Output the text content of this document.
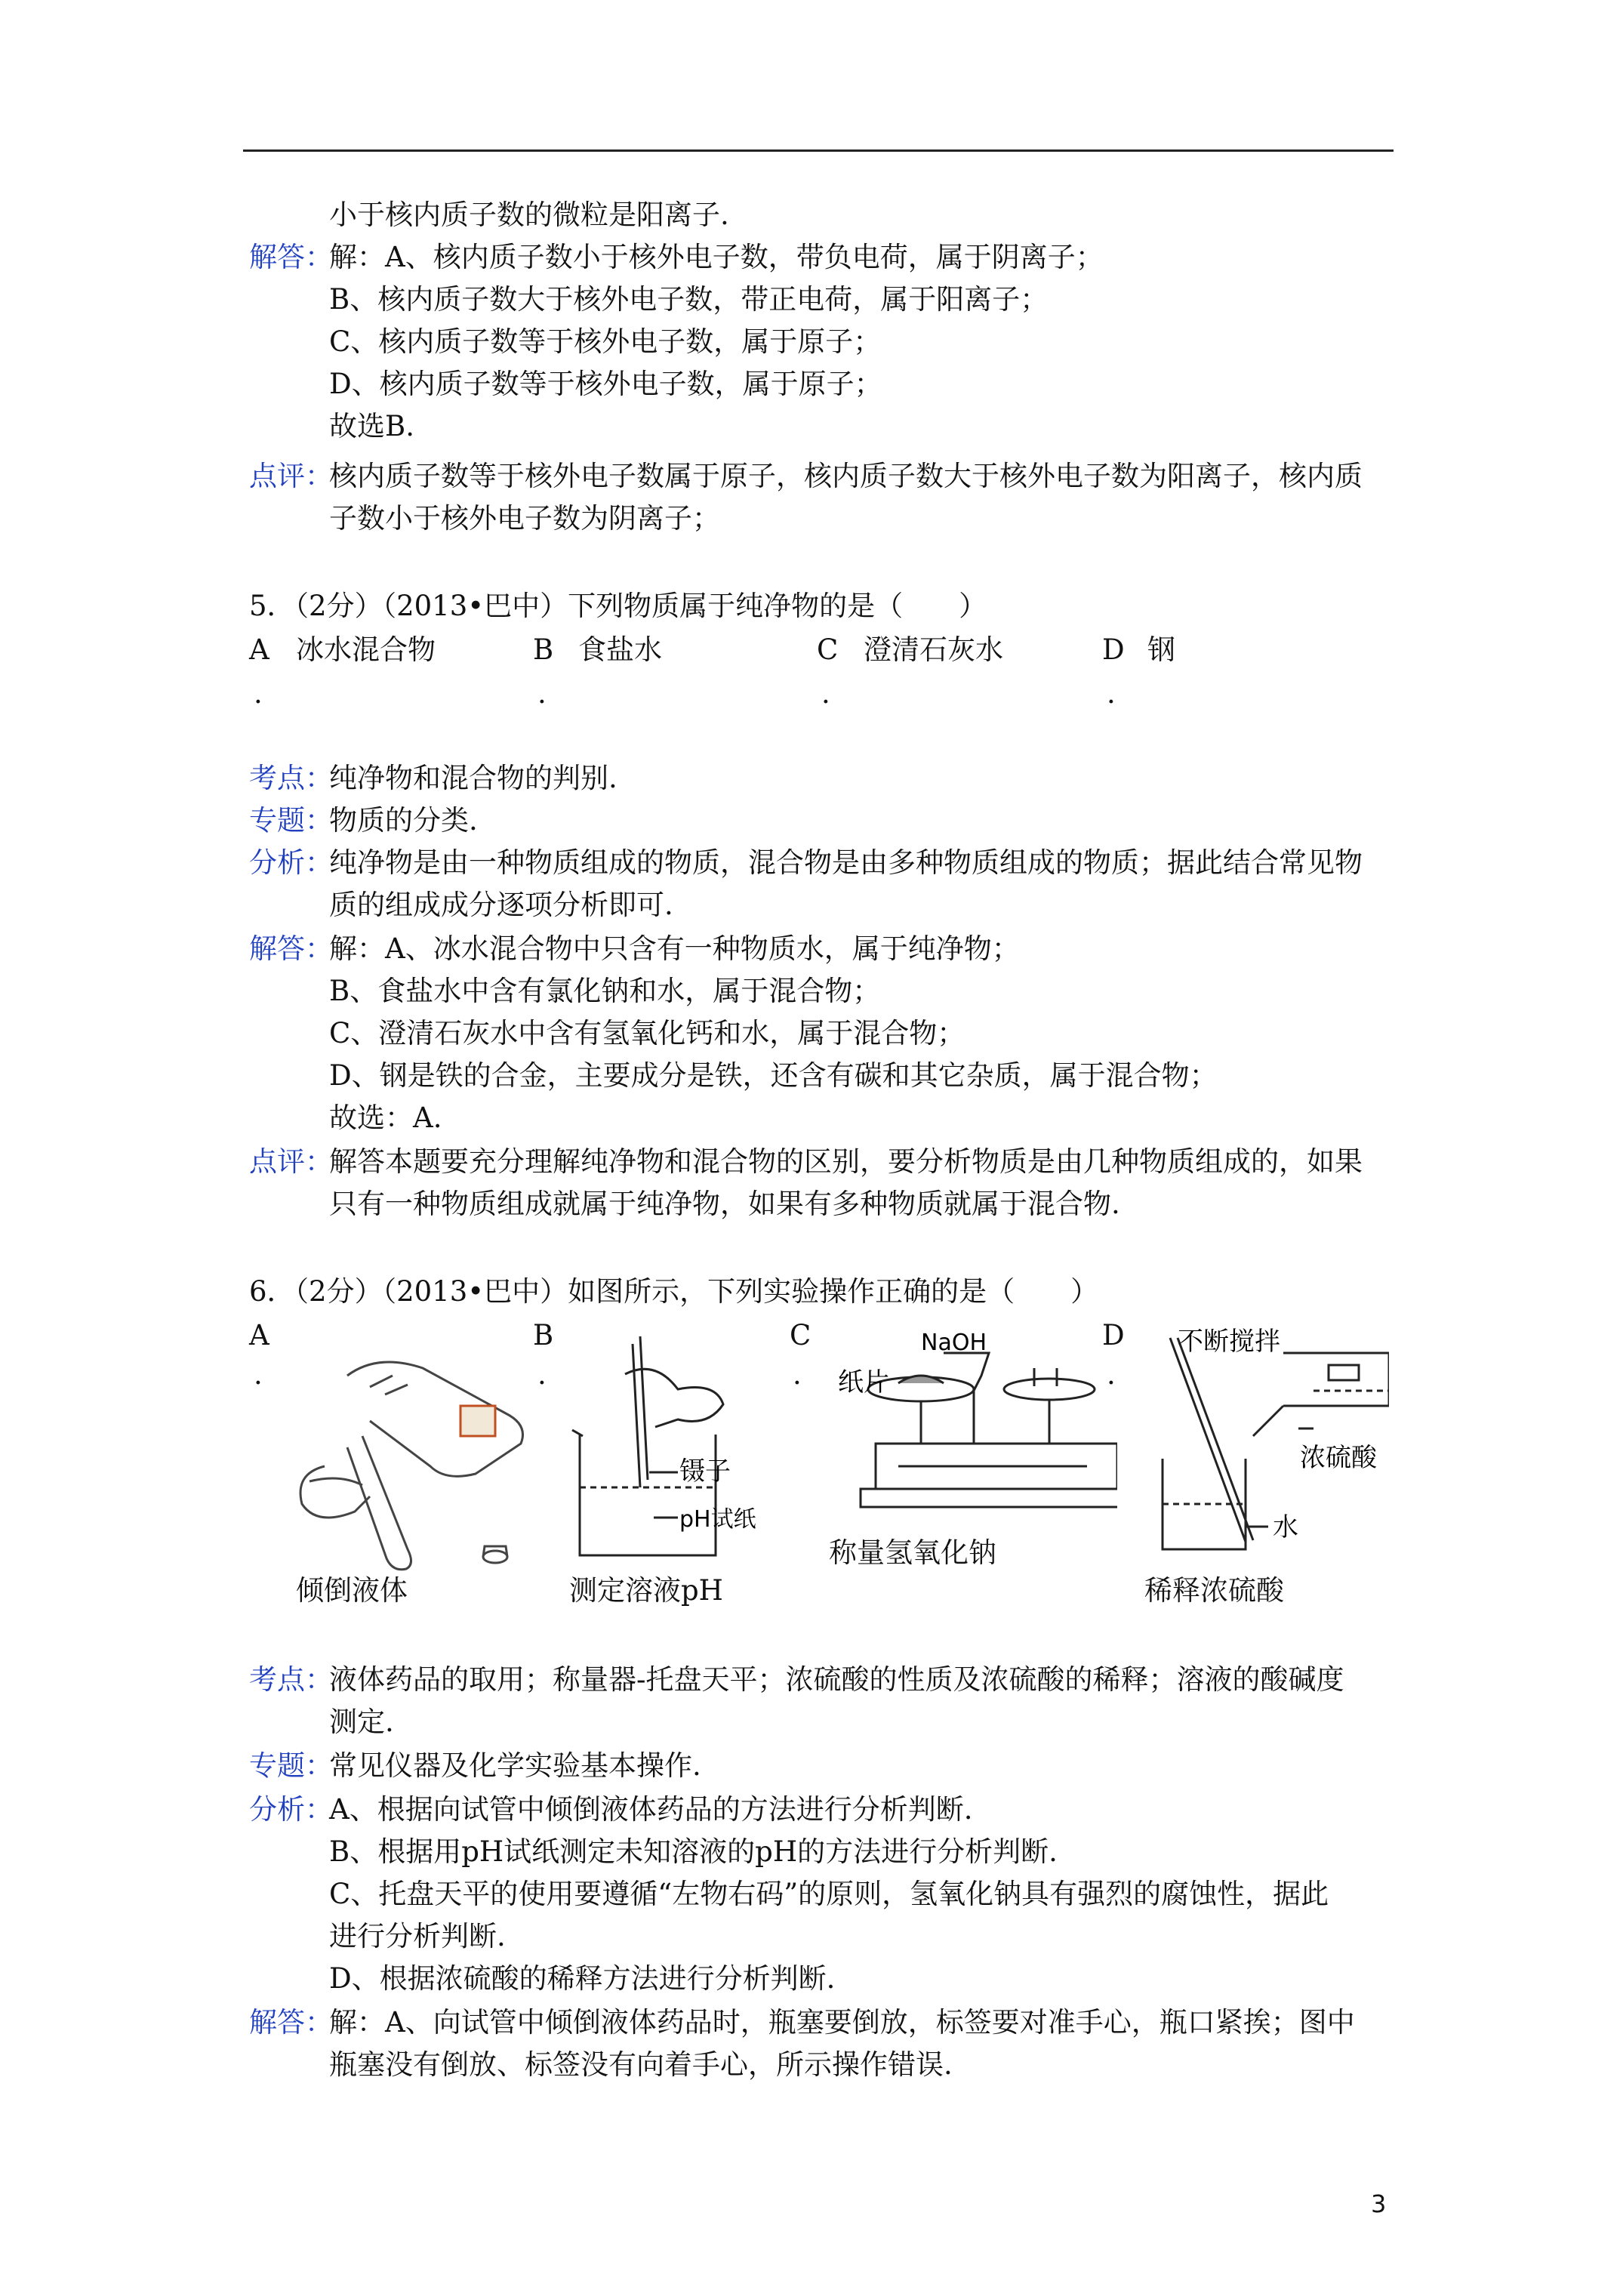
小于核内质子数的微粒是阳离子.
解答：
解：A、核内质子数小于核外电子数，带负电荷，属于阴离子；
B、核内质子数大于核外电子数，带正电荷，属于阳离子；
C、核内质子数等于核外电子数，属于原子；
D、核内质子数等于核外电子数，属于原子；
故选B.
点评：
核内质子数等于核外电子数属于原子，核内质子数大于核外电子数为阳离子，核内质
子数小于核外电子数为阴离子；
5．（2分）（2013•巴中）下列物质属于纯净物的是（　　）
A 冰水混合物	B 食盐水	C 澄清石灰水	D 钢
.	.	.	.
考点：
纯净物和混合物的判别.
专题：
物质的分类.
分析：
纯净物是由一种物质组成的物质，混合物是由多种物质组成的物质；据此结合常见物
质的组成成分逐项分析即可.
解答：
解：A、冰水混合物中只含有一种物质水，属于纯净物；
B、食盐水中含有氯化钠和水，属于混合物；
C、澄清石灰水中含有氢氧化钙和水，属于混合物；
D、钢是铁的合金，主要成分是铁，还含有碳和其它杂质，属于混合物；
故选：A.
点评：
解答本题要充分理解纯净物和混合物的区别，要分析物质是由几种物质组成的，如果
只有一种物质组成就属于纯净物，如果有多种物质就属于混合物.
6．（2分）（2013•巴中）如图所示，下列实验操作正确的是（　　）
A	B	C	D
.	.	.	.
镊子
pH试纸
NaOH
纸片
不断搅拌
浓硫酸
水
倾倒液体	测定溶液pH
称量氢氧化钠
稀释浓硫酸
考点：
液体药品的取用；称量器-托盘天平；浓硫酸的性质及浓硫酸的稀释；溶液的酸碱度
测定.
专题：
常见仪器及化学实验基本操作.
分析：
A、根据向试管中倾倒液体药品的方法进行分析判断.
B、根据用pH试纸测定未知溶液的pH的方法进行分析判断.
C、托盘天平的使用要遵循“左物右码”的原则，氢氧化钠具有强烈的腐蚀性，据此
进行分析判断.
D、根据浓硫酸的稀释方法进行分析判断.
解答：
解：A、向试管中倾倒液体药品时，瓶塞要倒放，标签要对准手心，瓶口紧挨；图中
瓶塞没有倒放、标签没有向着手心，所示操作错误.
3
